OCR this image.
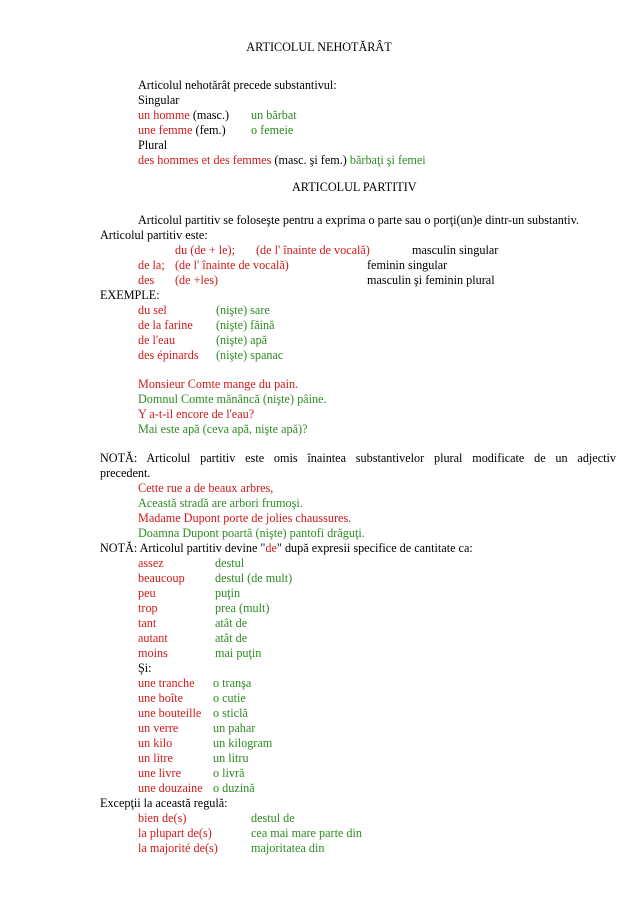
ARTICOLUL NEHOTĂRÂT
Articolul nehotărât precede substantivul:
Singular
un homme (masc.) un bărbat
une femme (fem.) o femeie
Plural
des hommes et des femmes (masc. şi fem.) bărbaţi şi femei
ARTICOLUL PARTITIV
Articolul partitiv se foloseşte pentru a exprima o parte sau o porţi(un)e dintr-un substantiv.
Articolul partitiv este:
du (de + le); (de l' înainte de vocală)	masculin singular
de la; (de l' înainte de vocală)	feminin singular
des (de +les)	masculin şi feminin plural
EXEMPLE:
du sel	(nişte) sare
de la farine (nişte) făină
de l'eau	(nişte) apă
des épinards (nişte) spanac
Monsieur Comte mange du pain.
Domnul Comte mănâncă (nişte) pâine.
Y a-t-il encore de l'eau?
Mai este apă (ceva apă, nişte apă)?
NOTĂ: Articolul partitiv este omis înaintea substantivelor plural modificate de un adjectiv
precedent.
Cette rue a de beaux arbres,
Această stradă are arbori frumoşi.
Madame Dupont porte de jolies chaussures.
Doamna Dupont poartă (nişte) pantofi drăguţi.
NOTĂ: Articolul partitiv devine "de" după expresii specifice de cantitate ca:
assez	destul
beaucoup destul (de mult)
peu	puţin
trop	prea (mult)
tant	atât de
autant	atât de
moins	mai puţin
Şi:
une tranche o tranşa
une boîte o cutie
une bouteille o sticlă
un verre	un pahar
un kilo	un kilogram
un litre	un litru
une livre	o livră
une douzaine o duzină
Excepţii la această regulă:
bien de(s)	destul de
la plupart de(s)	cea mai mare parte din
la majorité de(s)	majoritatea din
